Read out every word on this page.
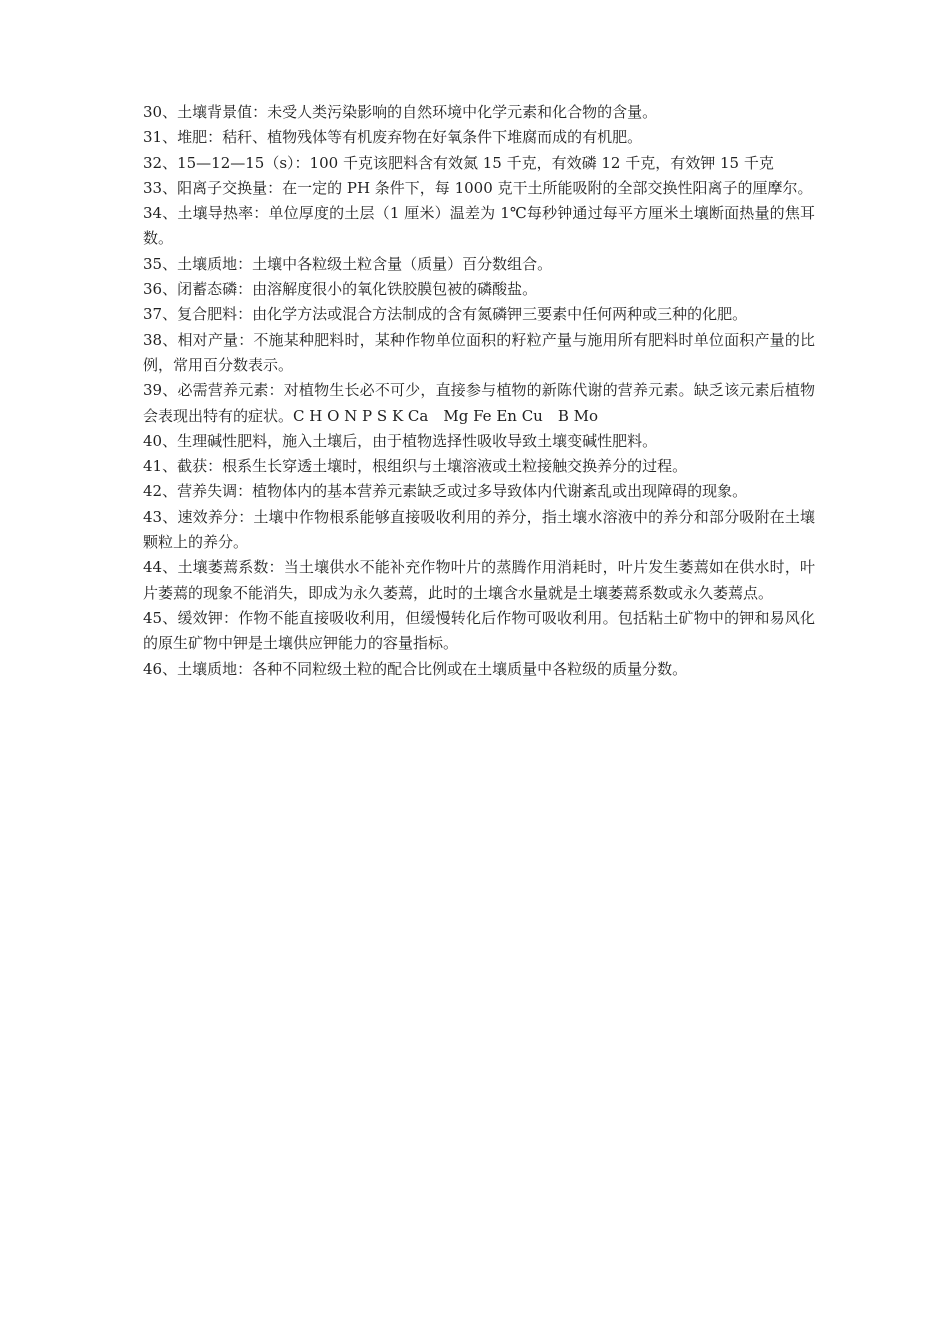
30、土壤背景值：未受人类污染影响的自然环境中化学元素和化合物的含量。

31、堆肥：秸秆、植物残体等有机废弃物在好氧条件下堆腐而成的有机肥。

32、15—12—15（s）：100 千克该肥料含有效氮 15 千克，有效磷 12 千克，有效钾 15 千克

33、阳离子交换量：在一定的 PH 条件下，每 1000 克干土所能吸附的全部交换性阳离子的厘摩尔。

34、土壤导热率：单位厚度的土层（1 厘米）温差为 1℃每秒钟通过每平方厘米土壤断面热量的焦耳数。

35、土壤质地：土壤中各粒级土粒含量（质量）百分数组合。

36、闭蓄态磷：由溶解度很小的氧化铁胶膜包被的磷酸盐。

37、复合肥料：由化学方法或混合方法制成的含有氮磷钾三要素中任何两种或三种的化肥。

38、相对产量：不施某种肥料时，某种作物单位面积的籽粒产量与施用所有肥料时单位面积产量的比例，常用百分数表示。

39、必需营养元素：对植物生长必不可少，直接参与植物的新陈代谢的营养元素。缺乏该元素后植物会表现出特有的症状。C H O N P S K Ca　Mg Fe En Cu　B Mo

40、生理碱性肥料，施入土壤后，由于植物选择性吸收导致土壤变碱性肥料。

41、截获：根系生长穿透土壤时，根组织与土壤溶液或土粒接触交换养分的过程。

42、营养失调：植物体内的基本营养元素缺乏或过多导致体内代谢紊乱或出现障碍的现象。

43、速效养分：土壤中作物根系能够直接吸收利用的养分，指土壤水溶液中的养分和部分吸附在土壤颗粒上的养分。

44、土壤萎蔫系数：当土壤供水不能补充作物叶片的蒸腾作用消耗时，叶片发生萎蔫如在供水时，叶片萎蔫的现象不能消失，即成为永久萎蔫，此时的土壤含水量就是土壤萎蔫系数或永久萎蔫点。

45、缓效钾：作物不能直接吸收利用，但缓慢转化后作物可吸收利用。包括粘土矿物中的钾和易风化的原生矿物中钾是土壤供应钾能力的容量指标。

46、土壤质地：各种不同粒级土粒的配合比例或在土壤质量中各粒级的质量分数。
